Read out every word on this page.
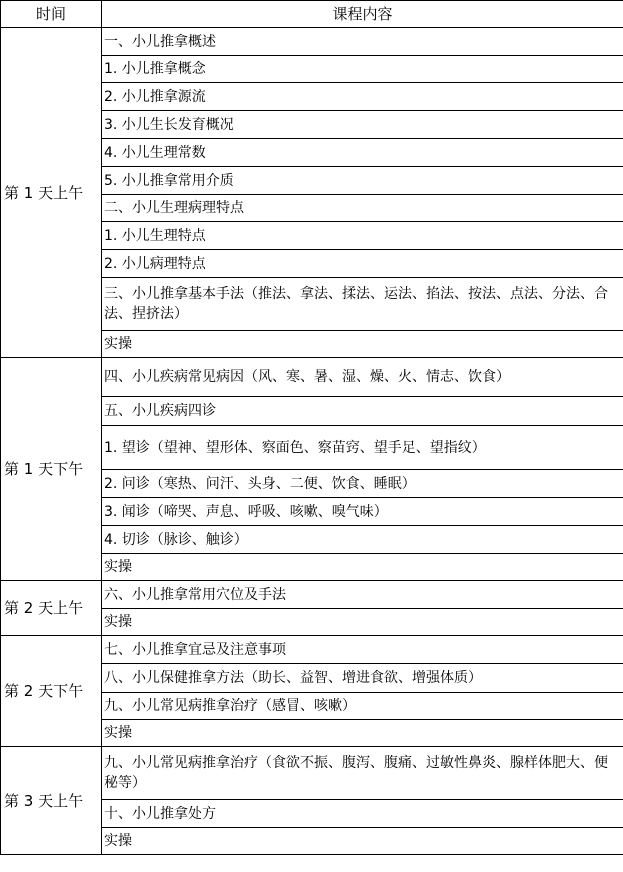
时间	课程内容
第 1 天上午	一、小儿推拿概述
	1. 小儿推拿概念
	2. 小儿推拿源流
	3. 小儿生长发育概况
	4. 小儿生理常数
	5. 小儿推拿常用介质
	二、小儿生理病理特点
	1. 小儿生理特点
	2. 小儿病理特点
	三、小儿推拿基本手法（推法、拿法、揉法、运法、掐法、按法、点法、分法、合法、捏挤法）
	实操
第 1 天下午	四、小儿疾病常见病因（风、寒、暑、湿、燥、火、情志、饮食）
	五、小儿疾病四诊
	1. 望诊（望神、望形体、察面色、察苗窍、望手足、望指纹）
	2. 问诊（寒热、问汗、头身、二便、饮食、睡眠）
	3. 闻诊（啼哭、声息、呼吸、咳嗽、嗅气味）
	4. 切诊（脉诊、触诊）
	实操
第 2 天上午	六、小儿推拿常用穴位及手法
	实操
第 2 天下午	七、小儿推拿宜忌及注意事项
	八、小儿保健推拿方法（助长、益智、增进食欲、增强体质）
	九、小儿常见病推拿治疗（感冒、咳嗽）
	实操
第 3 天上午	九、小儿常见病推拿治疗（食欲不振、腹泻、腹痛、过敏性鼻炎、腺样体肥大、便秘等）
	十、小儿推拿处方
	实操
